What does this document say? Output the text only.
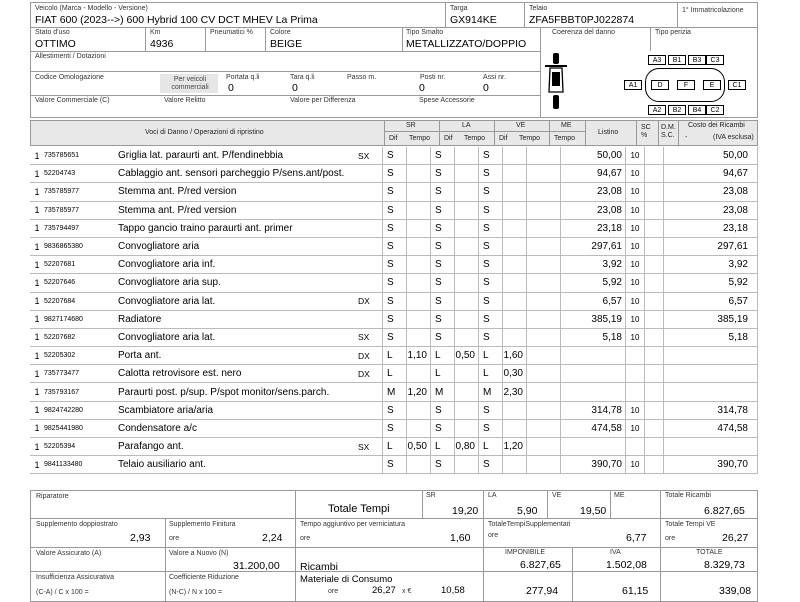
Veicolo (Marca - Modello - Versione)
FIAT 600 (2023-->) 600 Hybrid 100 CV DCT MHEV La Prima
Targa
GX914KE
Telaio
ZFA5FBBT0PJ022874
1° Immatricolazione
Stato d'uso
OTTIMO
Km
4936
Pneumatici % Colore
BEIGE
Tipo Smalto
METALLIZZATO/DOPPIO
Coerenza del danno	Tipo perizia
Allestimenti / Dotazioni
Codice Omologazione	Per veicoli commerciali
Portata q.li
0
Tara q.li
0
Passo m.	Posti nr.
0
Assi nr.
0
Valore Commerciale (C)	Valore Relitto	Valore per Differenza	Spese Accessorie
A3	B1	B3	C3
A1	D	F	E	C1
A2	B2	B4	C2
Voci di Danno / Operazioni di ripristino
SR	LA	VE	ME
Dif Tempo Dif Tempo Dif Tempo Tempo
Listino
SC %
D.M. S.C.
Costo dei Ricambi
-	(IVA esclusa)
1	735785651	Griglia lat. paraurti ant. P/fendinebbia	SX	S		S		S			50,00	10		50,00
1	52204743	Cablaggio ant. sensori parcheggio P/sens.ant/post.		S		S		S			94,67	10		94,67
1	735785977	Stemma ant. P/red version		S		S		S			23,08	10		23,08
1	735785977	Stemma ant. P/red version		S		S		S			23,08	10		23,08
1	735794497	Tappo gancio traino paraurti ant. primer		S		S		S			23,18	10		23,18
1	9836865380	Convogliatore aria		S		S		S			297,61	10		297,61
1	52207681	Convogliatore aria inf.		S		S		S			3,92	10		3,92
1	52207646	Convogliatore aria sup.		S		S		S			5,92	10		5,92
1	52207684	Convogliatore aria lat.	DX	S		S		S			6,57	10		6,57
1	9827174680	Radiatore		S		S		S			385,19	10		385,19
1	52207682	Convogliatore aria lat.	SX	S		S		S			5,18	10		5,18
1	52205302	Porta ant.	DX	L	1,10	L	0,50	L	1,60					
1	735773477	Calotta retrovisore est. nero	DX	L		L		L	0,30					
1	735793167	Paraurti post. p/sup. P/spot monitor/sens.parch.		M	1,20	M		M	2,30					
1	9824742280	Scambiatore aria/aria		S		S		S			314,78	10		314,78
1	9825441980	Condensatore a/c		S		S		S			474,58	10		474,58
1	52205394	Parafango ant.	SX	L	0,50	L	0,80	L	1,20					
1	9841133480	Telaio ausiliario ant.		S		S		S			390,70	10		390,70
Riparatore
Totale Tempi
SR
19,20
LA
5,90
VE
19,50
ME	Totale Ricambi
6.827,65
Supplemento doppiostrato
2,93
Supplemento Finitura
ore	2,24
Tempo aggiuntivo per verniciatura
ore	1,60
TotaleTempiSupplementari
ore	6,77
Totale Tempi VE
ore	26,27
Valore Assicurato (A)	Valore a Nuovo (N)
31.200,00 Ricambi
IMPONIBILE
6.827,65
IVA
1.502,08
TOTALE
8.329,73
Insufficienza Assicurativa
(C-A) / C x 100 =
Coefficiente Riduzione
(N-C) / N x 100 =
Materiale di Consumo
ore	26,27 x €	10,58	277,94	61,15	339,08
